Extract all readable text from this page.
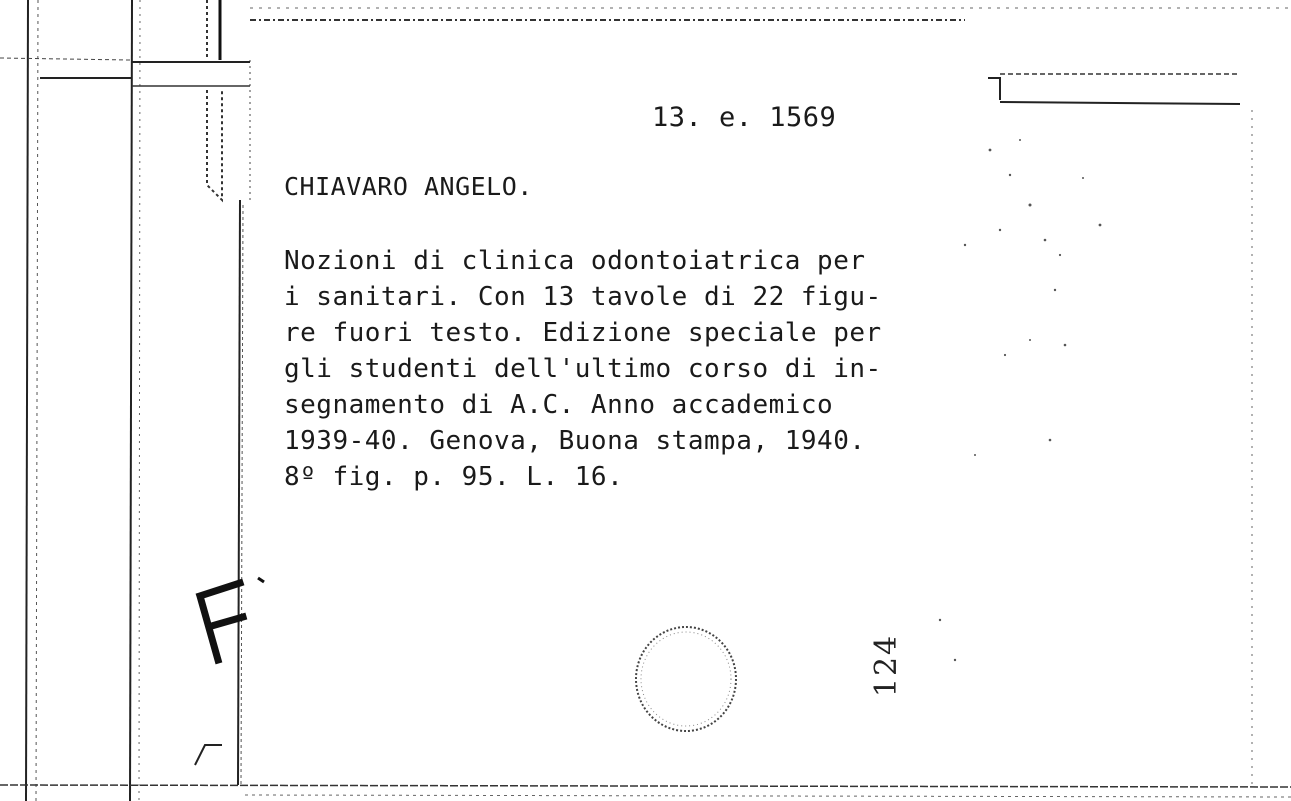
13. e. 1569
CHIAVARO ANGELO.
Nozioni di clinica odontoiatrica per
i sanitari. Con 13 tavole di 22 figu-
re fuori testo. Edizione speciale per
gli studenti dell'ultimo corso di in-
segnamento di A.C. Anno accademico
1939-40. Genova, Buona stampa, 1940.
8º fig. p. 95. L. 16.
124
